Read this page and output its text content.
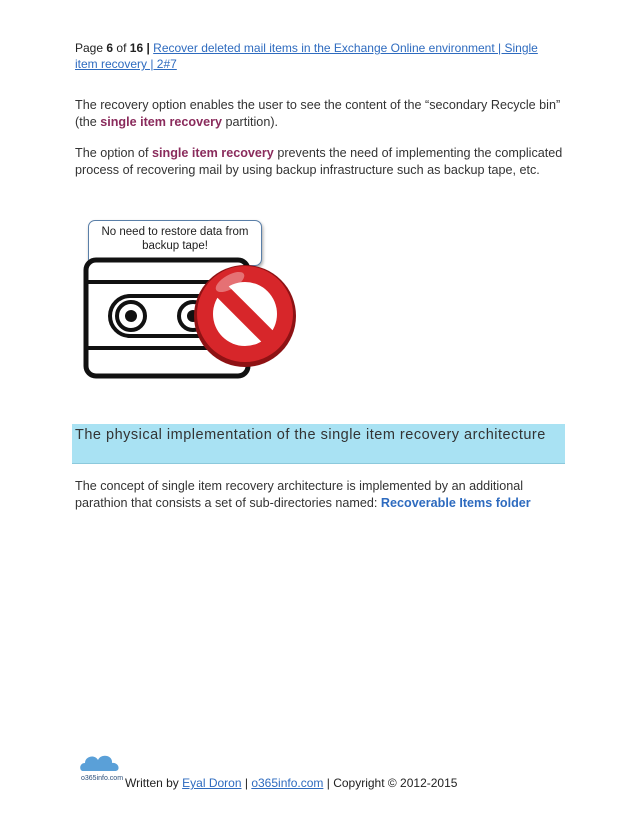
Page 6 of 16 | Recover deleted mail items in the Exchange Online environment | Single item recovery | 2#7
The recovery option enables the user to see the content of the “secondary Recycle bin” (the single item recovery partition).
The option of single item recovery prevents the need of implementing the complicated process of recovering mail by using backup infrastructure such as backup tape, etc.
No need to restore data from backup tape!
The physical implementation of the single item recovery architecture
The concept of single item recovery architecture is implemented by an additional parathion that consists a set of sub-directories named: Recoverable Items folder
o365info.com Written by Eyal Doron | o365info.com | Copyright © 2012-2015
